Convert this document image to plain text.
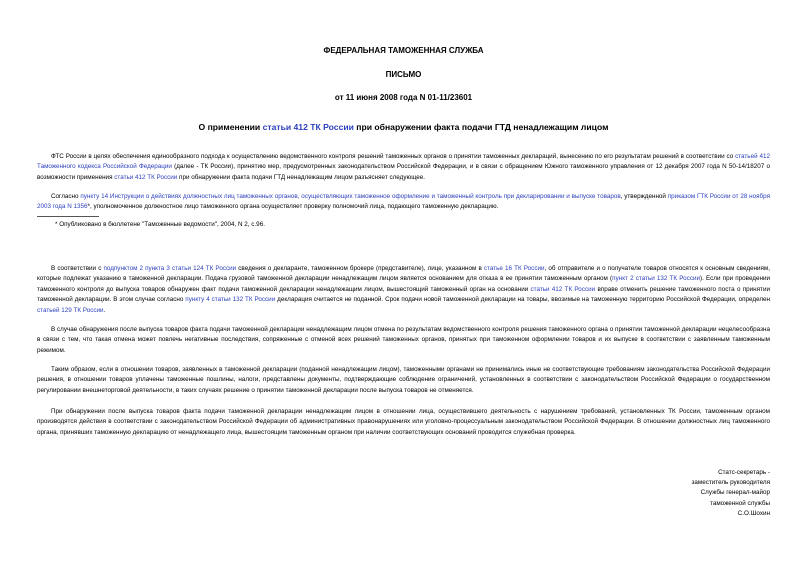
ФЕДЕРАЛЬНАЯ ТАМОЖЕННАЯ СЛУЖБА
ПИСЬМО
от 11 июня 2008 года N 01-11/23601
О применении статьи 412 ТК России при обнаружении факта подачи ГТД ненадлежащим лицом

ФТС России в целях обеспечения единообразного подхода к осуществлению ведомственного контроля решений таможенных органов о принятии таможенных деклараций, вынесению по его результатам решений в соответствии со статьей 412 Таможенного кодекса Российской Федерации (далее - ТК России), принятию мер, предусмотренных законодательством Российской Федерации, и в связи с обращением Южного таможенного управления от 12 декабря 2007 года N 50-14/18207 о возможности применения статьи 412 ТК России при обнаружении факта подачи ГТД ненадлежащим лицом разъясняет следующее.

Согласно пункту 14 Инструкции о действиях должностных лиц таможенных органов, осуществляющих таможенное оформление и таможенный контроль при декларировании и выпуске товаров, утвержденной приказом ГТК России от 28 ноября 2003 года N 1356*, уполномоченное должностное лицо таможенного органа осуществляет проверку полномочий лица, подающего таможенную декларацию.

* Опубликовано в бюллетене "Таможенные ведомости", 2004, N 2, с.96.

В соответствии с подпунктом 2 пункта 3 статьи 124 ТК России сведения о декларанте, таможенном брокере (представителе), лице, указанном в статье 16 ТК России, об отправителе и о получателе товаров относятся к основным сведениям, которые подлежат указанию в таможенной декларации. Подача грузовой таможенной декларации ненадлежащим лицом является основанием для отказа в ее принятии таможенным органом (пункт 2 статьи 132 ТК России). Если при проведении таможенного контроля до выпуска товаров обнаружен факт подачи таможенной декларации ненадлежащим лицом, вышестоящий таможенный орган на основании статьи 412 ТК России вправе отменить решение таможенного поста о принятии таможенной декларации. В этом случае согласно пункту 4 статьи 132 ТК России декларация считается не поданной. Срок подачи новой таможенной декларации на товары, ввозимые на таможенную территорию Российской Федерации, определен статьей 129 ТК России.

В случае обнаружения после выпуска товаров факта подачи таможенной декларации ненадлежащим лицом отмена по результатам ведомственного контроля решения таможенного органа о принятии таможенной декларации нецелесообразна в связи с тем, что такая отмена может повлечь негативные последствия, сопряженные с отменой всех решений таможенных органов, принятых при таможенном оформлении товаров и их выпуске в соответствии с заявленным таможенным режимом.

Таким образом, если в отношении товаров, заявленных в таможенной декларации (поданной ненадлежащим лицом), таможенными органами не принимались иные не соответствующие требованиям законодательства Российской Федерации решения, в отношении товаров уплачены таможенные пошлины, налоги, представлены документы, подтверждающие соблюдение ограничений, установленных в соответствии с законодательством Российской Федерации о государственном регулировании внешнеторговой деятельности, в таких случаях решение о принятии таможенной декларации после выпуска товаров не отменяется.

При обнаружении после выпуска товаров факта подачи таможенной декларации ненадлежащим лицом в отношении лица, осуществившего деятельность с нарушением требований, установленных ТК России, таможенным органом производятся действия в соответствии с законодательством Российской Федерации об административных правонарушениях или уголовно-процессуальным законодательством Российской Федерации. В отношении должностных лиц таможенного органа, принявших таможенную декларацию от ненадлежащего лица, вышестоящим таможенным органом при наличии соответствующих оснований проводится служебная проверка.

Статс-секретарь -
заместитель руководителя
Службы генерал-майор
таможенной службы
С.О.Шохин
